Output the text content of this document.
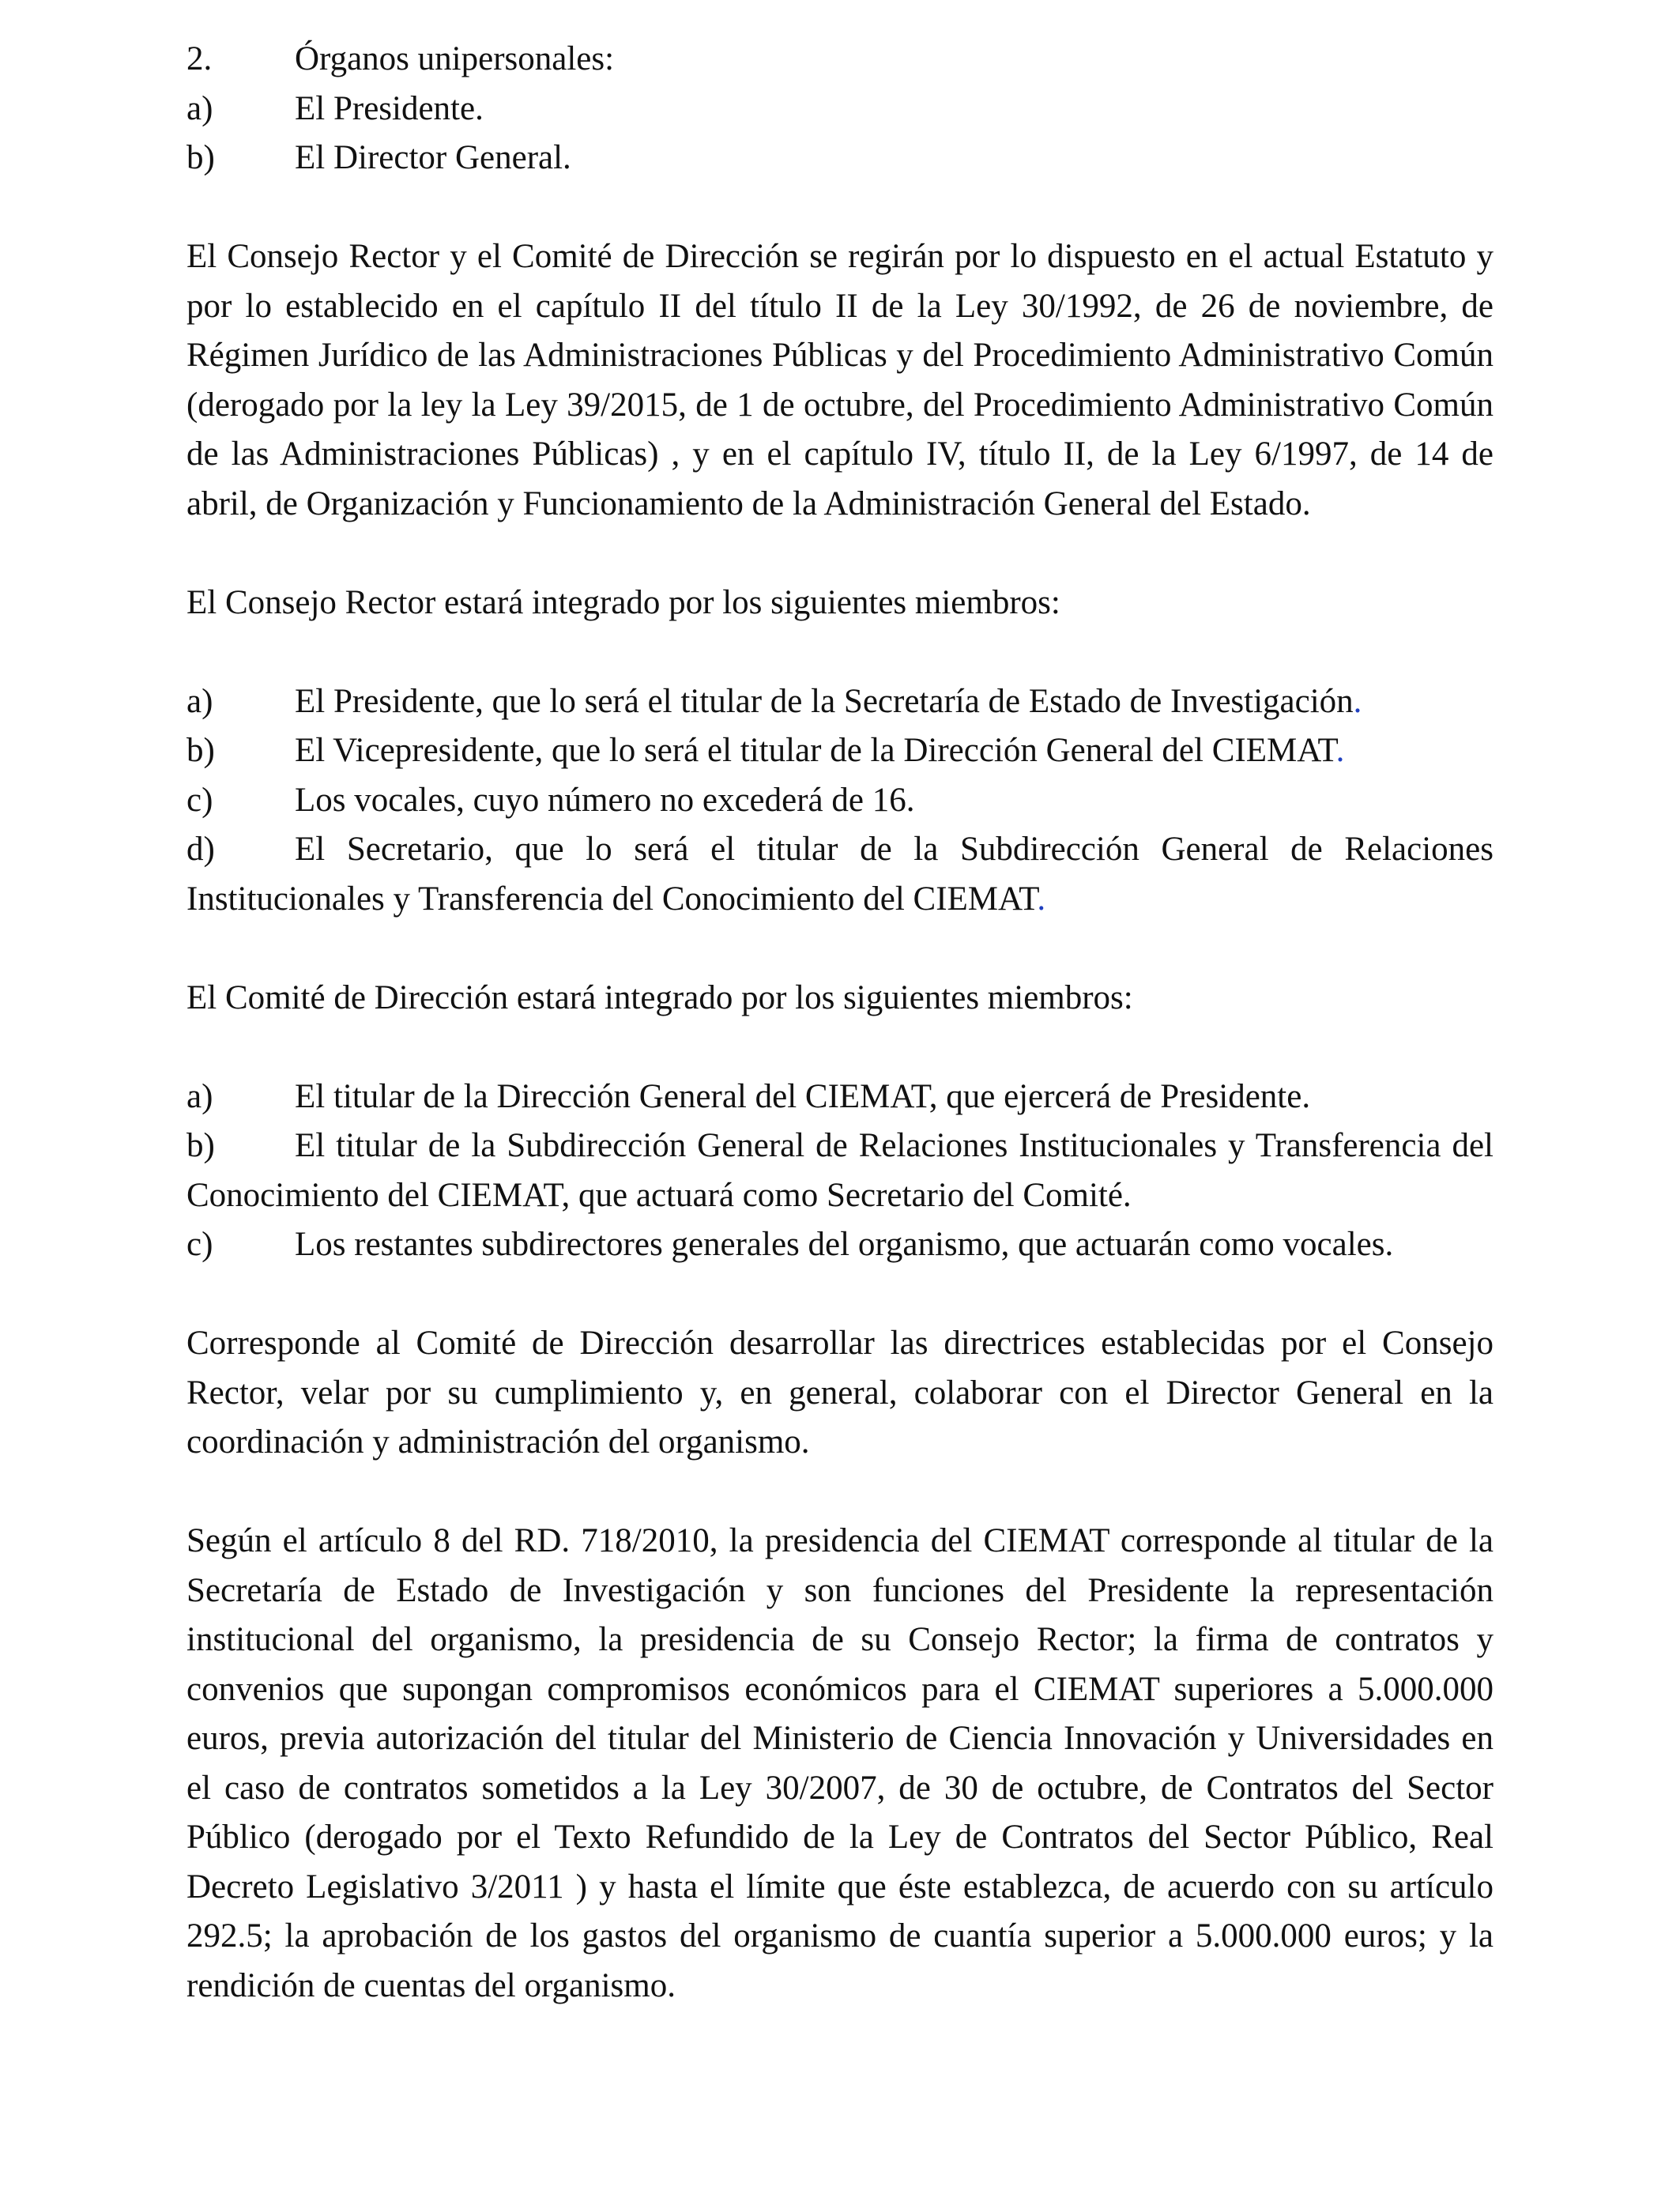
2.	Órganos unipersonales:
a)	El Presidente.
b)	El Director General.

El Consejo Rector y el Comité de Dirección se regirán por lo dispuesto en el actual Estatuto y por lo establecido en el capítulo II del título II de la Ley 30/1992, de 26 de noviembre, de Régimen Jurídico de las Administraciones Públicas y del Procedimiento Administrativo Común (derogado por la ley la Ley 39/2015, de 1 de octubre, del Procedimiento Administrativo Común de las Administraciones Públicas) , y en el capítulo IV, título II, de la Ley 6/1997, de 14 de abril, de Organización y Funcionamiento de la Administración General del Estado.

El Consejo Rector estará integrado por los siguientes miembros:

a)	El Presidente, que lo será el titular de la Secretaría de Estado de Investigación.
b)	El Vicepresidente, que lo será el titular de la Dirección General del CIEMAT.
c)	Los vocales, cuyo número no excederá de 16.

d) El Secretario, que lo será el titular de la Subdirección General de Relaciones Institucionales y Transferencia del Conocimiento del CIEMAT.

El Comité de Dirección estará integrado por los siguientes miembros:

a)	El titular de la Dirección General del CIEMAT, que ejercerá de Presidente.

b) El titular de la Subdirección General de Relaciones Institucionales y Transferencia del Conocimiento del CIEMAT, que actuará como Secretario del Comité.

c)	Los restantes subdirectores generales del organismo, que actuarán como vocales.

Corresponde al Comité de Dirección desarrollar las directrices establecidas por el Consejo Rector, velar por su cumplimiento y, en general, colaborar con el Director General en la coordinación y administración del organismo.

Según el artículo 8 del RD. 718/2010, la presidencia del CIEMAT corresponde al titular de la Secretaría de Estado de Investigación y son funciones del Presidente la representación institucional del organismo, la presidencia de su Consejo Rector; la firma de contratos y convenios que supongan compromisos económicos para el CIEMAT superiores a 5.000.000 euros, previa autorización del titular del Ministerio de Ciencia Innovación y Universidades en el caso de contratos sometidos a la Ley 30/2007, de 30 de octubre, de Contratos del Sector Público (derogado por el Texto Refundido de la Ley de Contratos del Sector Público, Real Decreto Legislativo 3/2011 ) y hasta el límite que éste establezca, de acuerdo con su artículo 292.5; la aprobación de los gastos del organismo de cuantía superior a 5.000.000 euros; y la rendición de cuentas del organismo.
